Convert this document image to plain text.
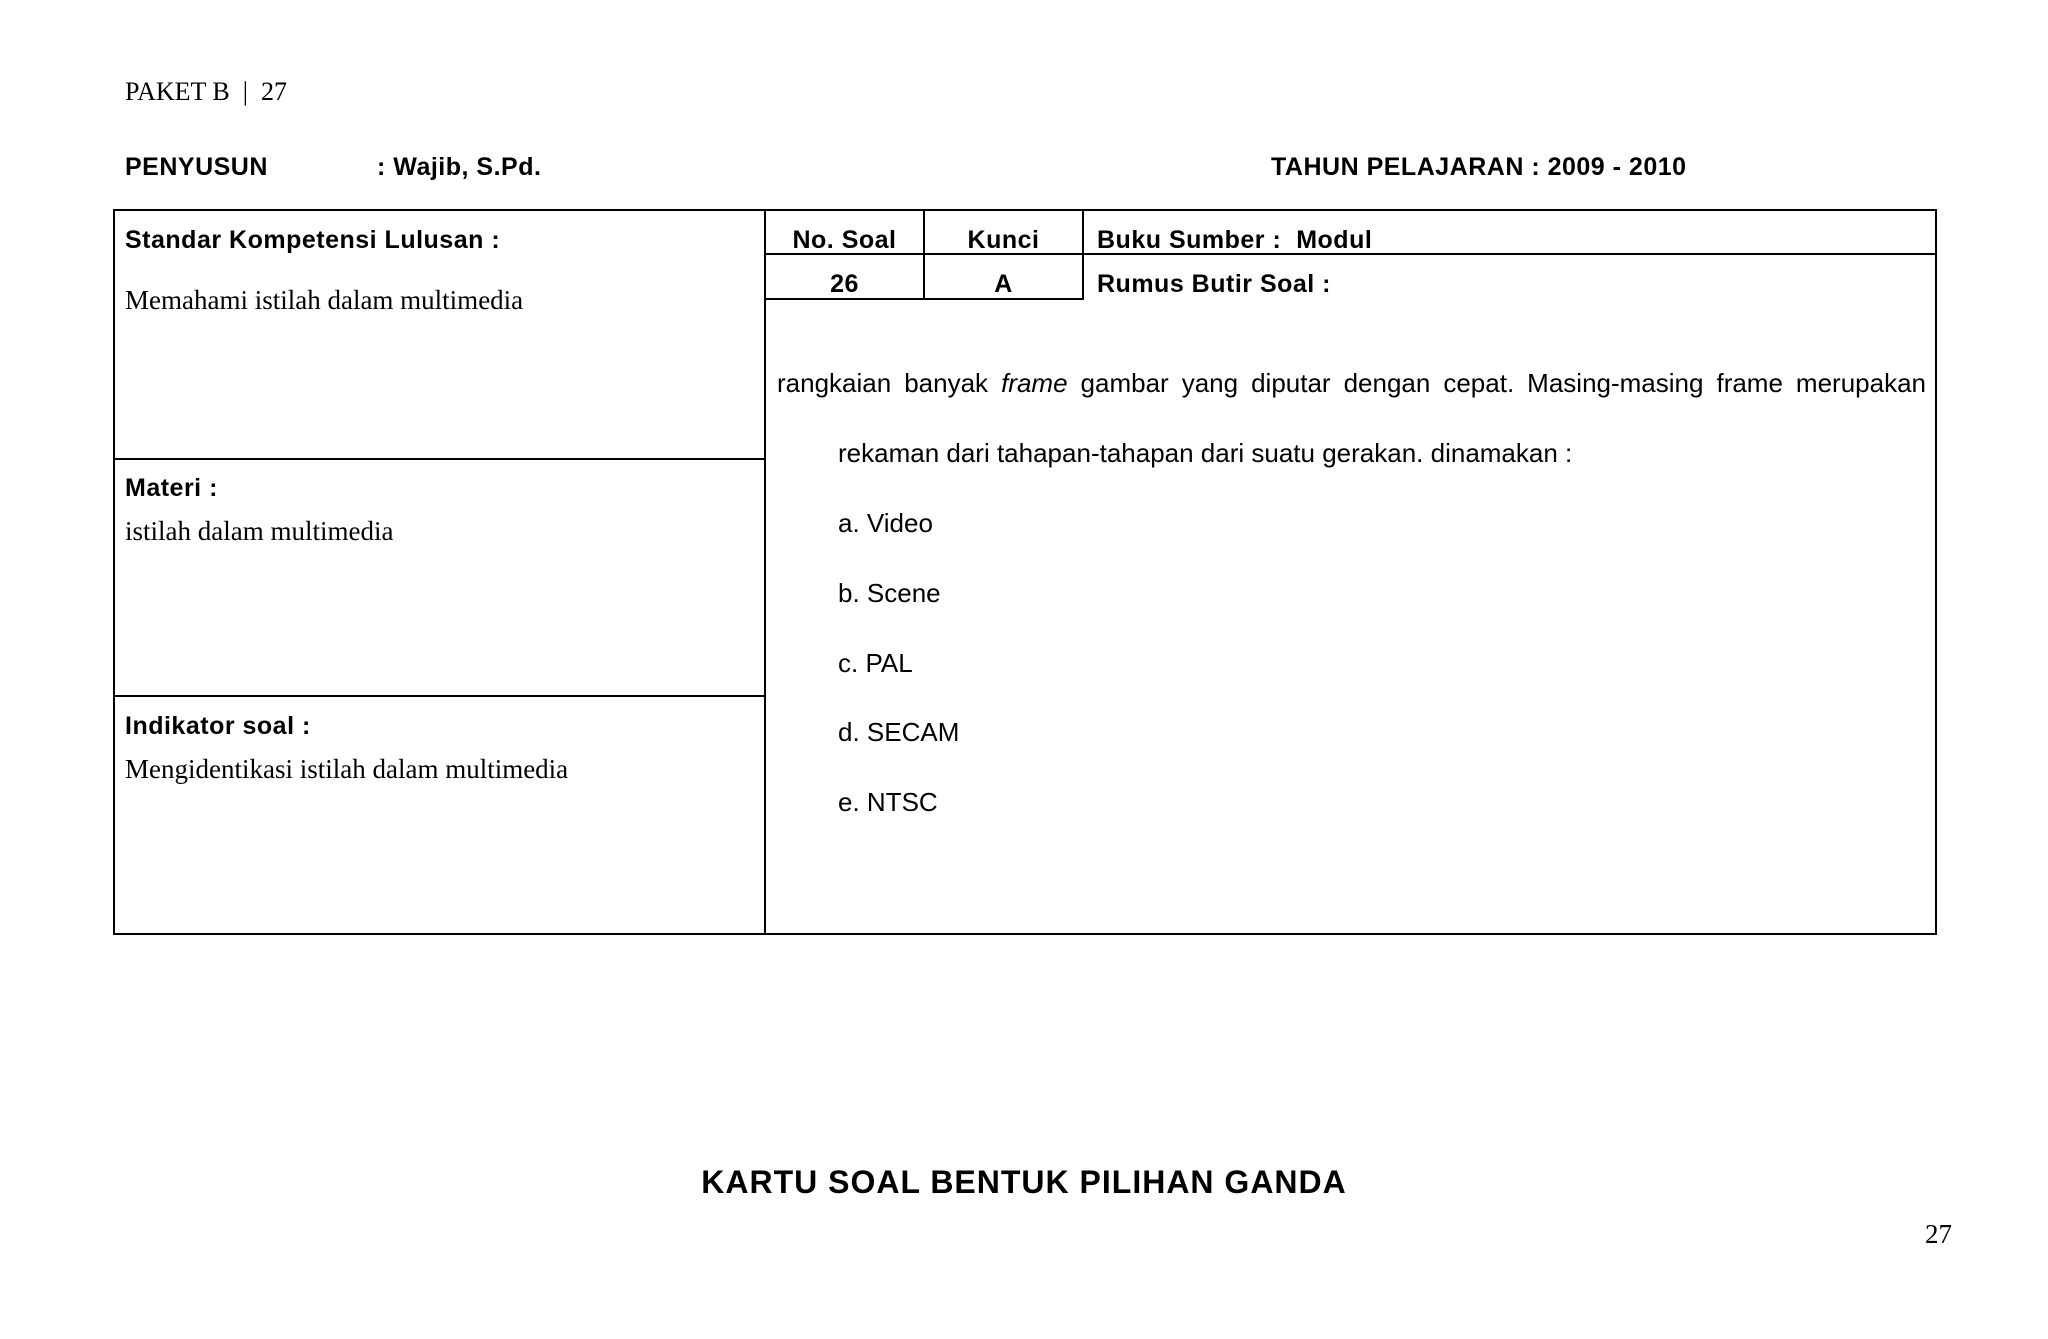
PAKET B | 27
PENYUSUN	: Wajib, S.Pd.	TAHUN PELAJARAN : 2009 - 2010
Standar Kompetensi Lulusan :
Memahami istilah dalam multimedia
Materi :
istilah dalam multimedia
Indikator soal :
Mengidentikasi istilah dalam multimedia
No. Soal	Kunci	Buku Sumber : Modul
26	A	Rumus Butir Soal :
rangkaian banyak frame gambar yang diputar dengan cepat. Masing-masing frame merupakan
rekaman dari tahapan-tahapan dari suatu gerakan. dinamakan :
a. Video
b. Scene
c. PAL
d. SECAM
e. NTSC
KARTU SOAL BENTUK PILIHAN GANDA
27
